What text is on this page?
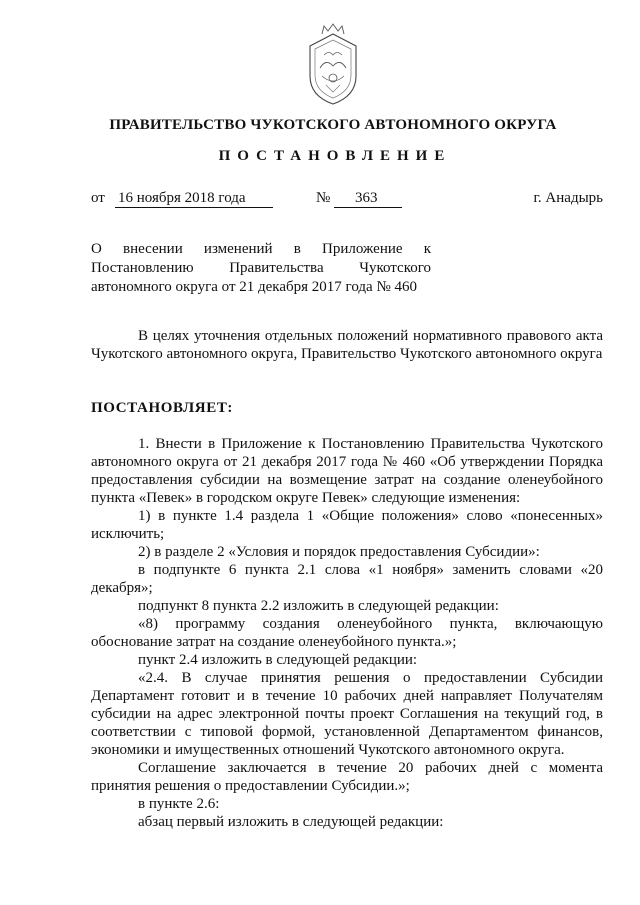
ПРАВИТЕЛЬСТВО ЧУКОТСКОГО АВТОНОМНОГО ОКРУГА
ПОСТАНОВЛЕНИЕ
от 16 ноября 2018 года	№	363	г. Анадырь
О внесении изменений в Приложение к
Постановлению Правительства Чукотского
автономного округа от 21 декабря 2017 года № 460

В целях уточнения отдельных положений нормативного правового акта Чукотского автономного округа, Правительство Чукотского автономного округа

ПОСТАНОВЛЯЕТ:

1. Внести в Приложение к Постановлению Правительства Чукотского автономного округа от 21 декабря 2017 года № 460 «Об утверждении Порядка предоставления субсидии на возмещение затрат на создание оленеубойного пункта «Певек» в городском округе Певек» следующие изменения:

1) в пункте 1.4 раздела 1 «Общие положения» слово «понесенных» исключить;

2) в разделе 2 «Условия и порядок предоставления Субсидии»:

в подпункте 6 пункта 2.1 слова «1 ноября» заменить словами «20 декабря»;

подпункт 8 пункта 2.2 изложить в следующей редакции:

«8) программу создания оленеубойного пункта, включающую обоснование затрат на создание оленеубойного пункта.»;

пункт 2.4 изложить в следующей редакции:

«2.4. В случае принятия решения о предоставлении Субсидии Департамент готовит и в течение 10 рабочих дней направляет Получателям субсидии на адрес электронной почты проект Соглашения на текущий год, в соответствии с типовой формой, установленной Департаментом финансов, экономики и имущественных отношений Чукотского автономного округа.

Соглашение заключается в течение 20 рабочих дней с момента принятия решения о предоставлении Субсидии.»;

в пункте 2.6:

абзац первый изложить в следующей редакции:
